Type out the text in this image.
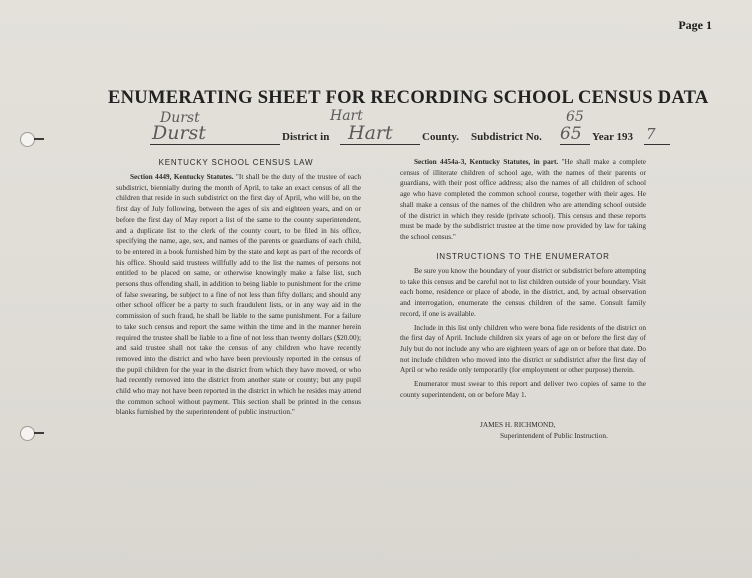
Page 1
ENUMERATING SHEET FOR RECORDING SCHOOL CENSUS DATA
Durst
Durst
Hart
Hart
65
65	7
District in	County. Subdistrict No.	Year 193
KENTUCKY SCHOOL CENSUS LAW

Section 4449, Kentucky Statutes. "It shall be the duty of the trustee of each subdistrict, biennially during the month of April, to take an exact census of all the children that reside in such subdistrict on the first day of April, who will be, on the first day of July following, between the ages of six and eighteen years, and on or before the first day of May report a list of the same to the county superintendent, and a duplicate list to the clerk of the county court, to be filed in his office, specifying the name, age, sex, and names of the parents or guardians of each child, to be entered in a book furnished him by the state and kept as part of the records of his office. Should said trustees willfully add to the list the names of persons not entitled to be placed on same, or otherwise knowingly make a false list, such persons thus offending shall, in addition to being liable to punishment for the crime of false swearing, be subject to a fine of not less than fifty dollars; and should any other school officer be a party to such fraudulent lists, or in any way aid in the commission of such fraud, he shall be liable to the same punishment. For a failure to take such census and report the same within the time and in the manner herein required the trustee shall be liable to a fine of not less than twenty dollars ($20.00); and said trustee shall not take the census of any children who have recently removed into the district and who have been previously reported in the census of the pupil children for the year in the district from which they have moved, or who had recently removed into the district from another state or county; but any pupil child who may not have been reported in the district in which he resides may attend the common school without payment. This section shall be printed in the census blanks furnished by the superintendent of public instruction."

Section 4454a-3, Kentucky Statutes, in part. "He shall make a complete census of illiterate children of school age, with the names of their parents or guardians, with their post office address; also the names of all children of school age who have completed the common school course, together with their ages. He shall make a census of the names of the children who are attending school outside of the district in which they reside (private school). This census and these reports must be made by the subdistrict trustee at the time now provided by law for taking the school census."

INSTRUCTIONS TO THE ENUMERATOR

Be sure you know the boundary of your district or subdistrict before attempting to take this census and be careful not to list children outside of your boundary. Visit each home, residence or place of abode, in the district, and, by actual observation and interrogation, enumerate the census children of the same. Consult family record, if one is available.

Include in this list only children who were bona fide residents of the district on the first day of April. Include children six years of age on or before the first day of July but do not include any who are eighteen years of age on or before that date. Do not include children who moved into the district or subdistrict after the first day of April or who reside only temporarily (for employment or other purpose) therein.

Enumerator must swear to this report and deliver two copies of same to the county superintendent, on or before May 1.

JAMES H. RICHMOND,
Superintendent of Public Instruction.
